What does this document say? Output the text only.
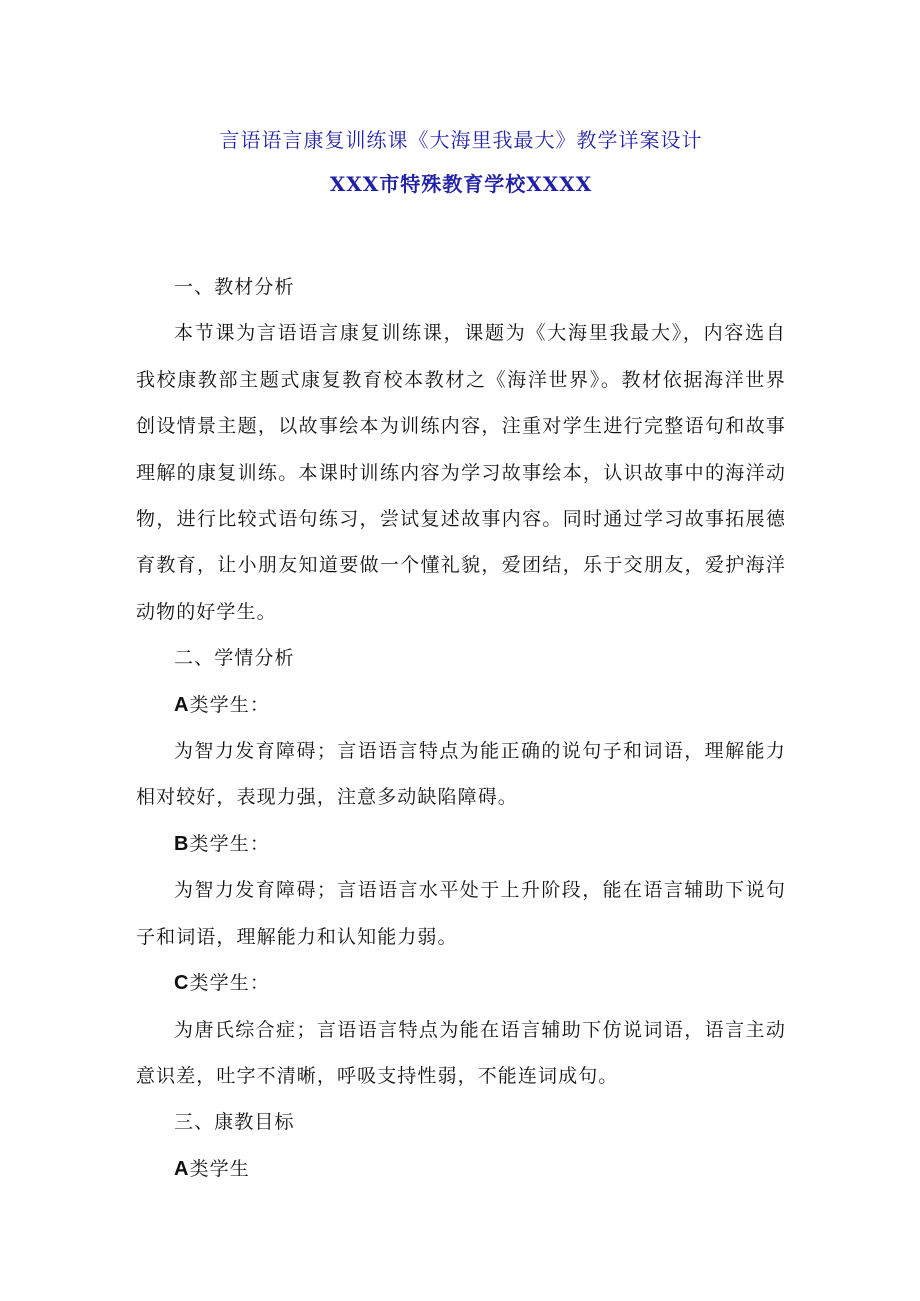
言语语言康复训练课《大海里我最大》教学详案设计
XXX市特殊教育学校XXXX

一、教材分析

本节课为言语语言康复训练课，课题为《大海里我最大》，内容选自我校康教部主题式康复教育校本教材之《海洋世界》。教材依据海洋世界创设情景主题，以故事绘本为训练内容，注重对学生进行完整语句和故事理解的康复训练。本课时训练内容为学习故事绘本，认识故事中的海洋动物，进行比较式语句练习，尝试复述故事内容。同时通过学习故事拓展德育教育，让小朋友知道要做一个懂礼貌，爱团结，乐于交朋友，爱护海洋动物的好学生。

二、学情分析

A类学生：

为智力发育障碍；言语语言特点为能正确的说句子和词语，理解能力相对较好，表现力强，注意多动缺陷障碍。

B类学生：

为智力发育障碍；言语语言水平处于上升阶段，能在语言辅助下说句子和词语，理解能力和认知能力弱。

C类学生：

为唐氏综合症；言语语言特点为能在语言辅助下仿说词语，语言主动意识差，吐字不清晰，呼吸支持性弱，不能连词成句。

三、康教目标

A类学生
